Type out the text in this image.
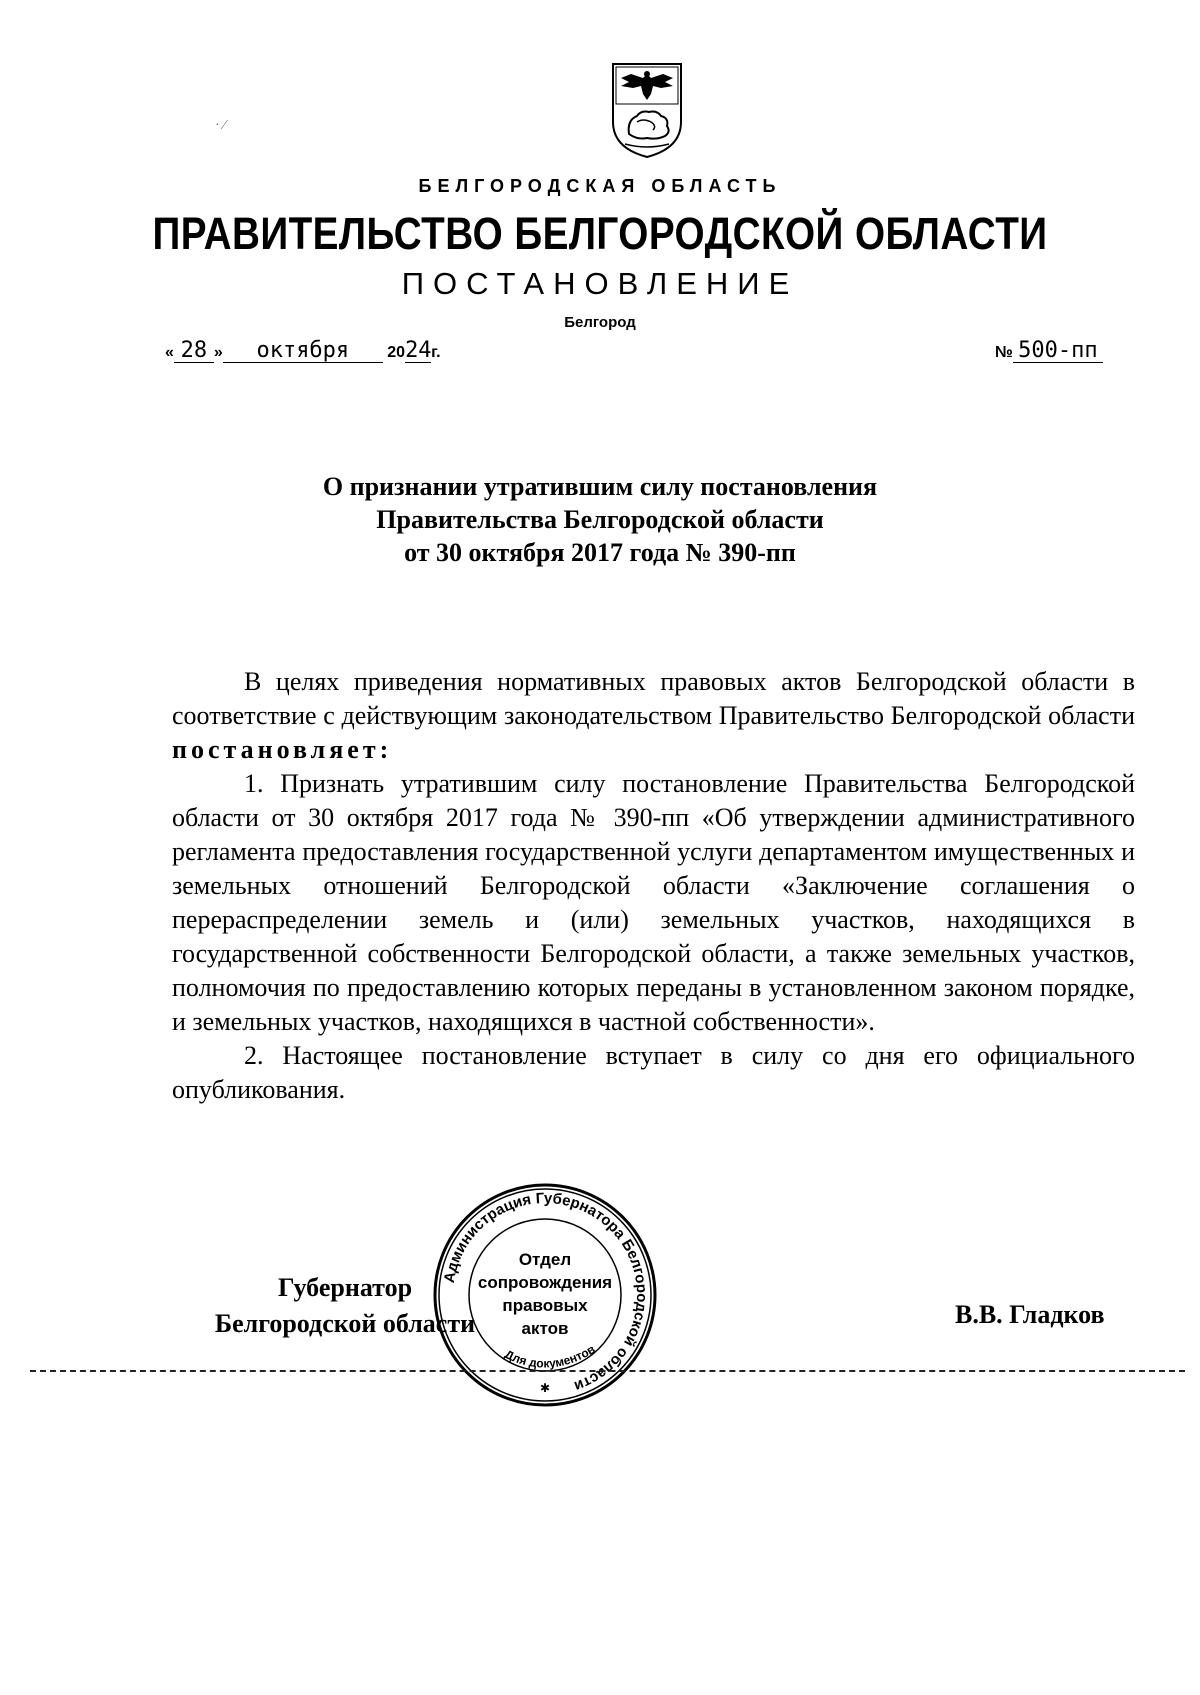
· ⁄
БЕЛГОРОДСКАЯ ОБЛАСТЬ
ПРАВИТЕЛЬСТВО БЕЛГОРОДСКОЙ ОБЛАСТИ
ПОСТАНОВЛЕНИЕ
Белгород
« 28 » октября 2024г.	№ 500-пп
О признании утратившим силу постановления
Правительства Белгородской области
от 30 октября 2017 года № 390-пп

В целях приведения нормативных правовых актов Белгородской области в соответствие с действующим законодательством Правительство Белгородской области постановляет:

1. Признать утратившим силу постановление Правительства Белгородской области от 30 октября 2017 года № 390-пп «Об утверждении административного регламента предоставления государственной услуги департаментом имущественных и земельных отношений Белгородской области «Заключение соглашения о перераспределении земель и (или) земельных участков, находящихся в государственной собственности Белгородской области, а также земельных участков, полномочия по предоставлению которых переданы в установленном законом порядке, и земельных участков, находящихся в частной собственности».

2. Настоящее постановление вступает в силу со дня его официального опубликования.

Губернатор
Белгородской области	В.В. Гладков
Администрация Губернатора Белгородской области
Отдел
сопровождения
правовых
актов
Для документов
✱
